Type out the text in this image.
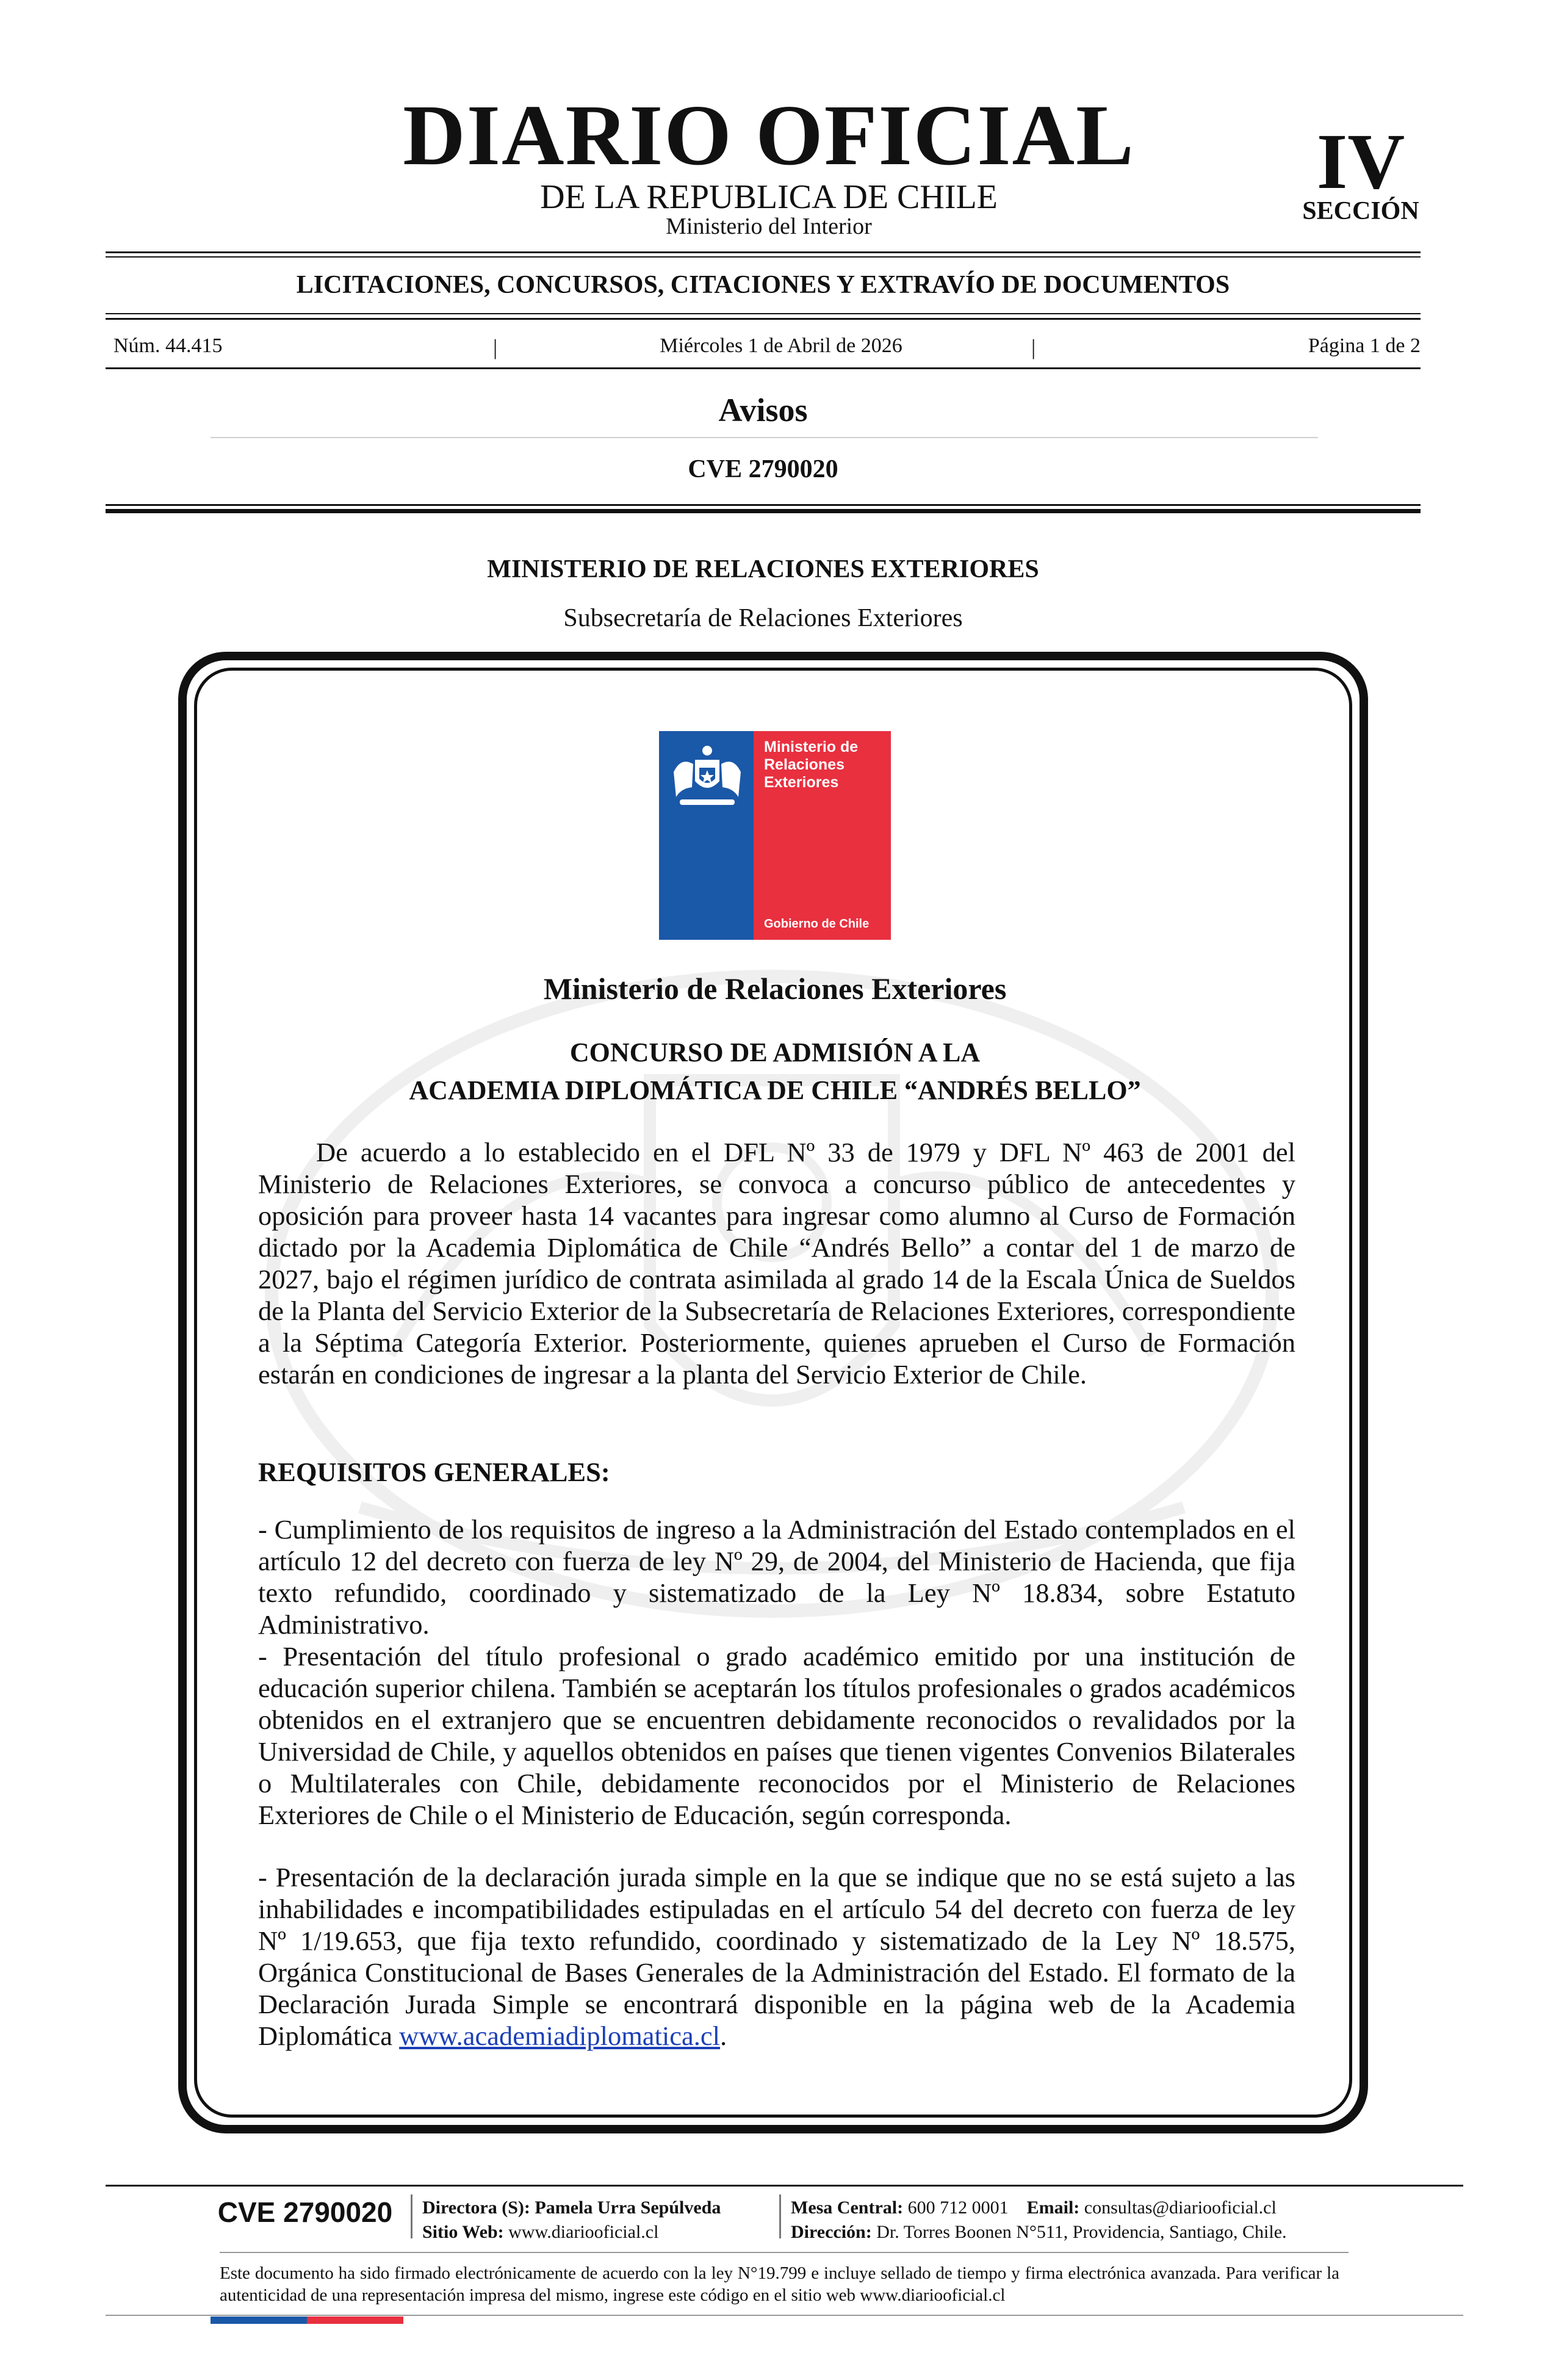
DIARIO OFICIAL
DE LA REPUBLICA DE CHILE
Ministerio del Interior
IV
SECCIÓN
LICITACIONES, CONCURSOS, CITACIONES Y EXTRAVÍO DE DOCUMENTOS
Núm. 44.415	|	Miércoles 1 de Abril de 2026	|	Página 1 de 2
Avisos
CVE 2790020
MINISTERIO DE RELACIONES EXTERIORES
Subsecretaría de Relaciones Exteriores
Ministerio de
Relaciones
Exteriores
Gobierno de Chile
Ministerio de Relaciones Exteriores
CONCURSO DE ADMISIÓN A LA
ACADEMIA DIPLOMÁTICA DE CHILE “ANDRÉS BELLO”

De acuerdo a lo establecido en el DFL Nº 33 de 1979 y DFL Nº 463 de 2001 del Ministerio de Relaciones Exteriores, se convoca a concurso público de antecedentes y oposición para proveer hasta 14 vacantes para ingresar como alumno al Curso de Formación dictado por la Academia Diplomática de Chile “Andrés Bello” a contar del 1 de marzo de 2027, bajo el régimen jurídico de contrata asimilada al grado 14 de la Escala Única de Sueldos de la Planta del Servicio Exterior de la Subsecretaría de Relaciones Exteriores, correspondiente a la Séptima Categoría Exterior. Posteriormente, quienes aprueben el Curso de Formación estarán en condiciones de ingresar a la planta del Servicio Exterior de Chile.

REQUISITOS GENERALES:

- Cumplimiento de los requisitos de ingreso a la Administración del Estado contemplados en el artículo 12 del decreto con fuerza de ley Nº 29, de 2004, del Ministerio de Hacienda, que fija texto refundido, coordinado y sistematizado de la Ley Nº 18.834, sobre Estatuto Administrativo.

- Presentación del título profesional o grado académico emitido por una institución de educación superior chilena. También se aceptarán los títulos profesionales o grados académicos obtenidos en el extranjero que se encuentren debidamente reconocidos o revalidados por la Universidad de Chile, y aquellos obtenidos en países que tienen vigentes Convenios Bilaterales o Multilaterales con Chile, debidamente reconocidos por el Ministerio de Relaciones Exteriores de Chile o el Ministerio de Educación, según corresponda.

- Presentación de la declaración jurada simple en la que se indique que no se está sujeto a las inhabilidades e incompatibilidades estipuladas en el artículo 54 del decreto con fuerza de ley Nº 1/19.653, que fija texto refundido, coordinado y sistematizado de la Ley Nº 18.575, Orgánica Constitucional de Bases Generales de la Administración del Estado. El formato de la Declaración Jurada Simple se encontrará disponible en la página web de la Academia Diplomática www.academiadiplomatica.cl.

CVE 2790020	Directora (S): Pamela Urra Sepúlveda
Sitio Web: www.diariooficial.cl
Mesa Central: 600 712 0001 Email: consultas@diariooficial.cl
Dirección: Dr. Torres Boonen N°511, Providencia, Santiago, Chile.

Este documento ha sido firmado electrónicamente de acuerdo con la ley N°19.799 e incluye sellado de tiempo y firma electrónica avanzada. Para verificar la autenticidad de una representación impresa del mismo, ingrese este código en el sitio web www.diariooficial.cl
